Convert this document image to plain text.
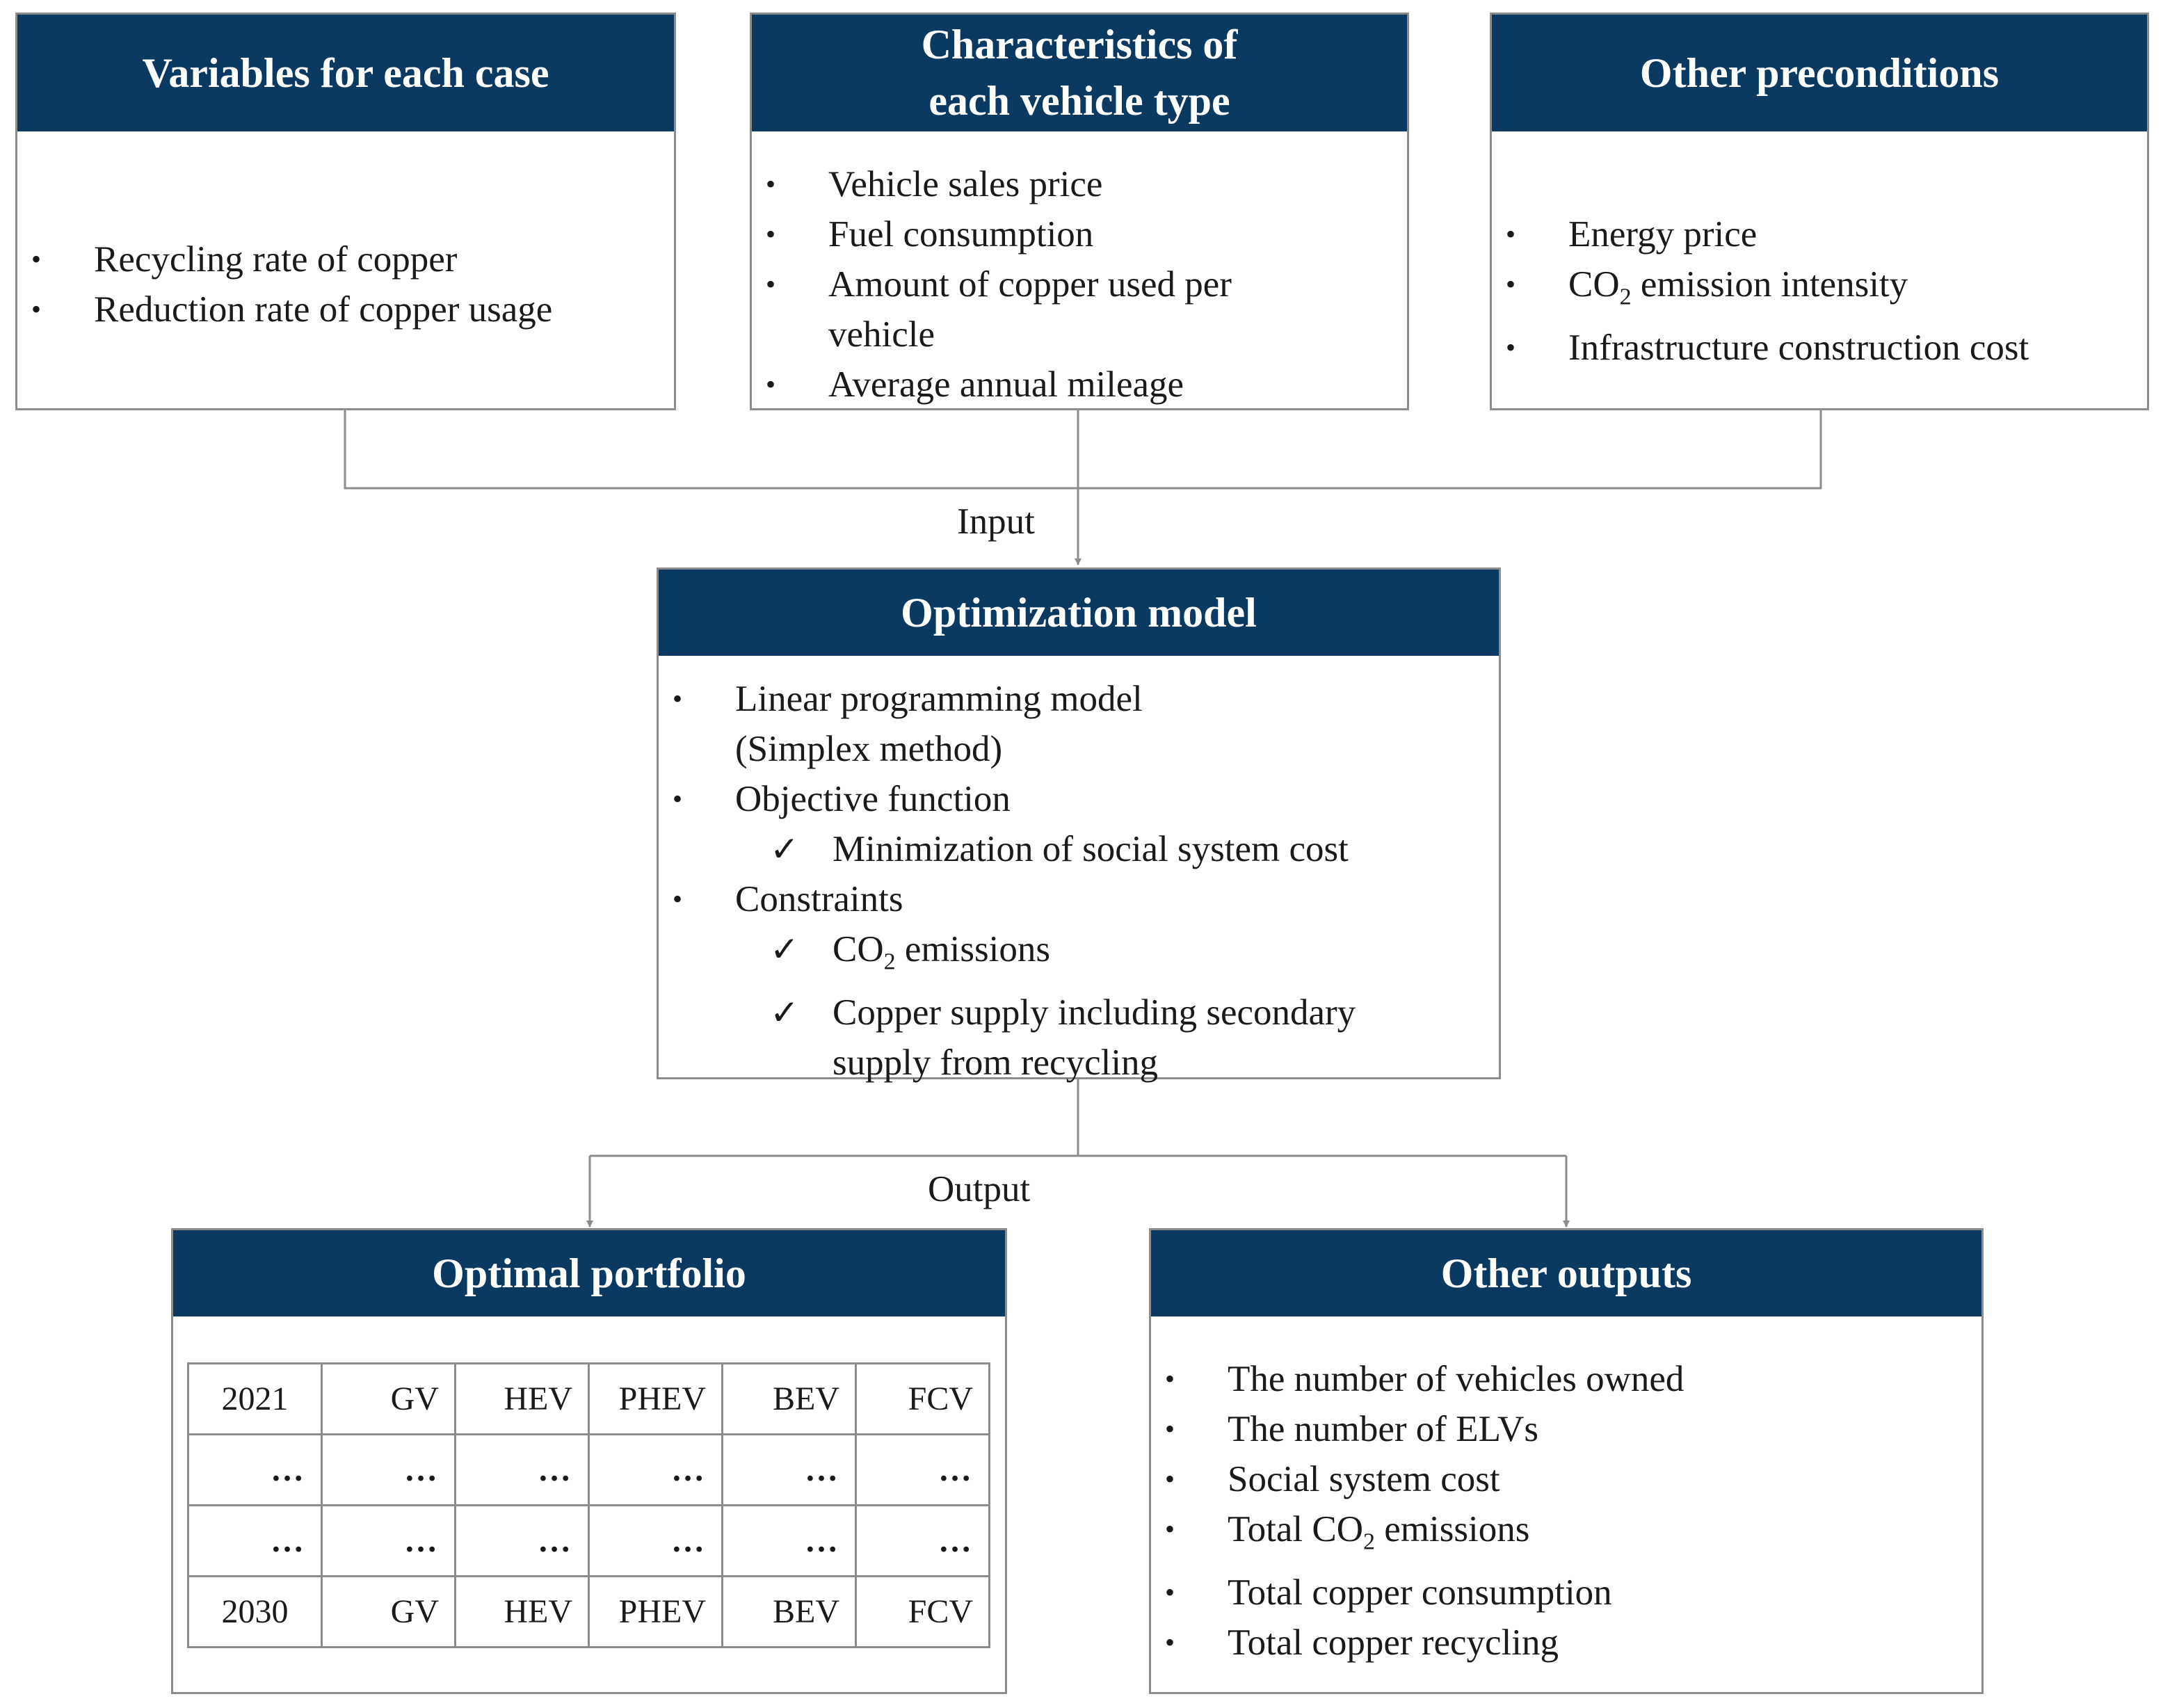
Variables for each case
• Recycling rate of copper
• Reduction rate of copper usage
Characteristics of
each vehicle type
• Vehicle sales price
• Fuel consumption
• Amount of copper used per
vehicle
• Average annual mileage
Other preconditions
• Energy price
• $CO_2$ emission intensity
• Infrastructure construction cost
Input
Optimization model
• Linear programming model
(Simplex method)
• Objective function
✓ Minimization of social system cost
• Constraints
✓ $CO_2$ emissions
✓ Copper supply including secondary
supply from recycling
Output
Optimal portfolio
2021	GV	HEV	PHEV	BEV	FCV
…	…	…	…	…	…
…	…	…	…	…	…
2030	GV	HEV	PHEV	BEV	FCV
Other outputs
• The number of vehicles owned
• The number of ELVs
• Social system cost
• Total $CO_2$ emissions
• Total copper consumption
• Total copper recycling
